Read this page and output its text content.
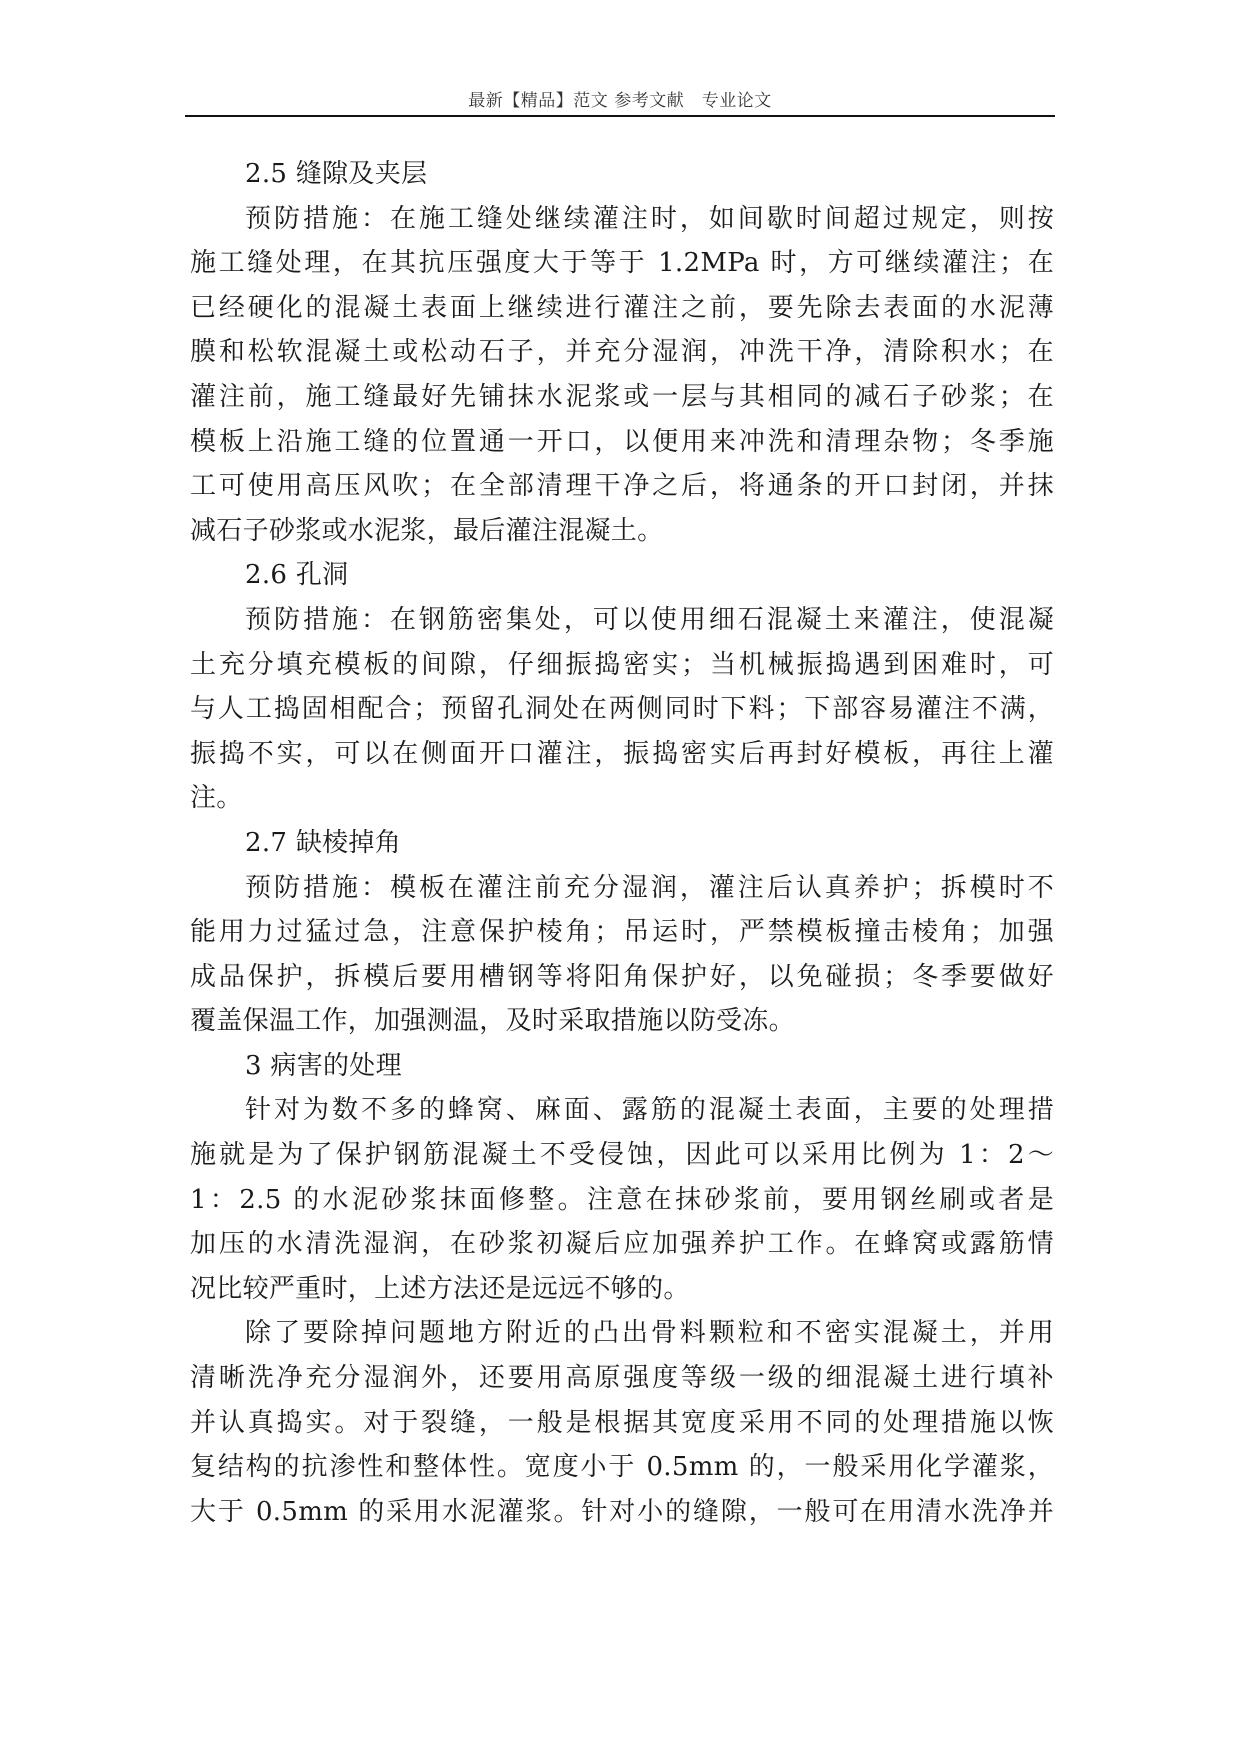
最新【精品】范文 参考文献　专业论文
2.5 缝隙及夹层
预防措施：在施工缝处继续灌注时，如间歇时间超过规定，则按
施工缝处理，在其抗压强度大于等于 1.2MPa 时，方可继续灌注；在
已经硬化的混凝土表面上继续进行灌注之前，要先除去表面的水泥薄
膜和松软混凝土或松动石子，并充分湿润，冲洗干净，清除积水；在
灌注前，施工缝最好先铺抹水泥浆或一层与其相同的减石子砂浆；在
模板上沿施工缝的位置通一开口，以便用来冲洗和清理杂物；冬季施
工可使用高压风吹；在全部清理干净之后，将通条的开口封闭，并抹
减石子砂浆或水泥浆，最后灌注混凝土。
2.6 孔洞
预防措施：在钢筋密集处，可以使用细石混凝土来灌注，使混凝
土充分填充模板的间隙，仔细振捣密实；当机械振捣遇到困难时，可
与人工捣固相配合；预留孔洞处在两侧同时下料；下部容易灌注不满，
振捣不实，可以在侧面开口灌注，振捣密实后再封好模板，再往上灌
注。
2.7 缺棱掉角
预防措施：模板在灌注前充分湿润，灌注后认真养护；拆模时不
能用力过猛过急，注意保护棱角；吊运时，严禁模板撞击棱角；加强
成品保护，拆模后要用槽钢等将阳角保护好，以免碰损；冬季要做好
覆盖保温工作，加强测温，及时采取措施以防受冻。
3 病害的处理
针对为数不多的蜂窝、麻面、露筋的混凝土表面，主要的处理措
施就是为了保护钢筋混凝土不受侵蚀，因此可以采用比例为 1：2～
1：2.5 的水泥砂浆抹面修整。注意在抹砂浆前，要用钢丝刷或者是
加压的水清洗湿润，在砂浆初凝后应加强养护工作。在蜂窝或露筋情
况比较严重时，上述方法还是远远不够的。
除了要除掉问题地方附近的凸出骨料颗粒和不密实混凝土，并用
清晰洗净充分湿润外，还要用高原强度等级一级的细混凝土进行填补
并认真捣实。对于裂缝，一般是根据其宽度采用不同的处理措施以恢
复结构的抗渗性和整体性。宽度小于 0.5mm 的，一般采用化学灌浆，
大于 0.5mm 的采用水泥灌浆。针对小的缝隙，一般可在用清水洗净并
